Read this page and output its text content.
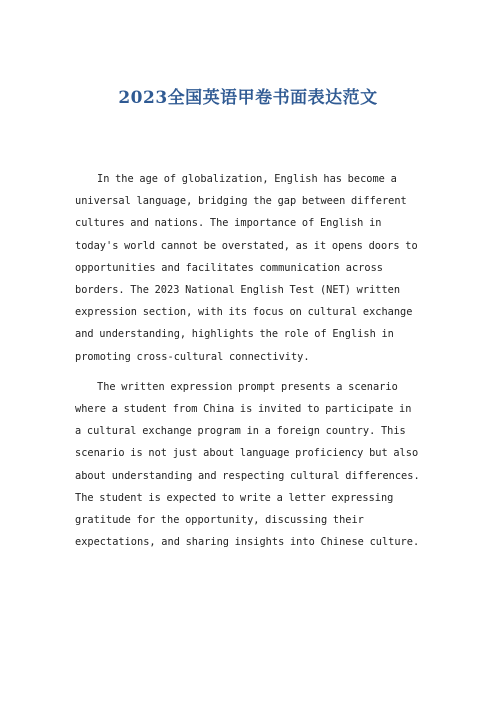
2023全国英语甲卷书面表达范文

In the age of globalization, English has become a universal language, bridging the gap between different cultures and nations. The importance of English in today's world cannot be overstated, as it opens doors to opportunities and facilitates communication across borders. The 2023 National English Test (NET) written expression section, with its focus on cultural exchange and understanding, highlights the role of English in promoting cross-cultural connectivity.

The written expression prompt presents a scenario where a student from China is invited to participate in a cultural exchange program in a foreign country. This scenario is not just about language proficiency but also about understanding and respecting cultural differences. The student is expected to write a letter expressing gratitude for the opportunity, discussing their expectations, and sharing insights into Chinese culture.
